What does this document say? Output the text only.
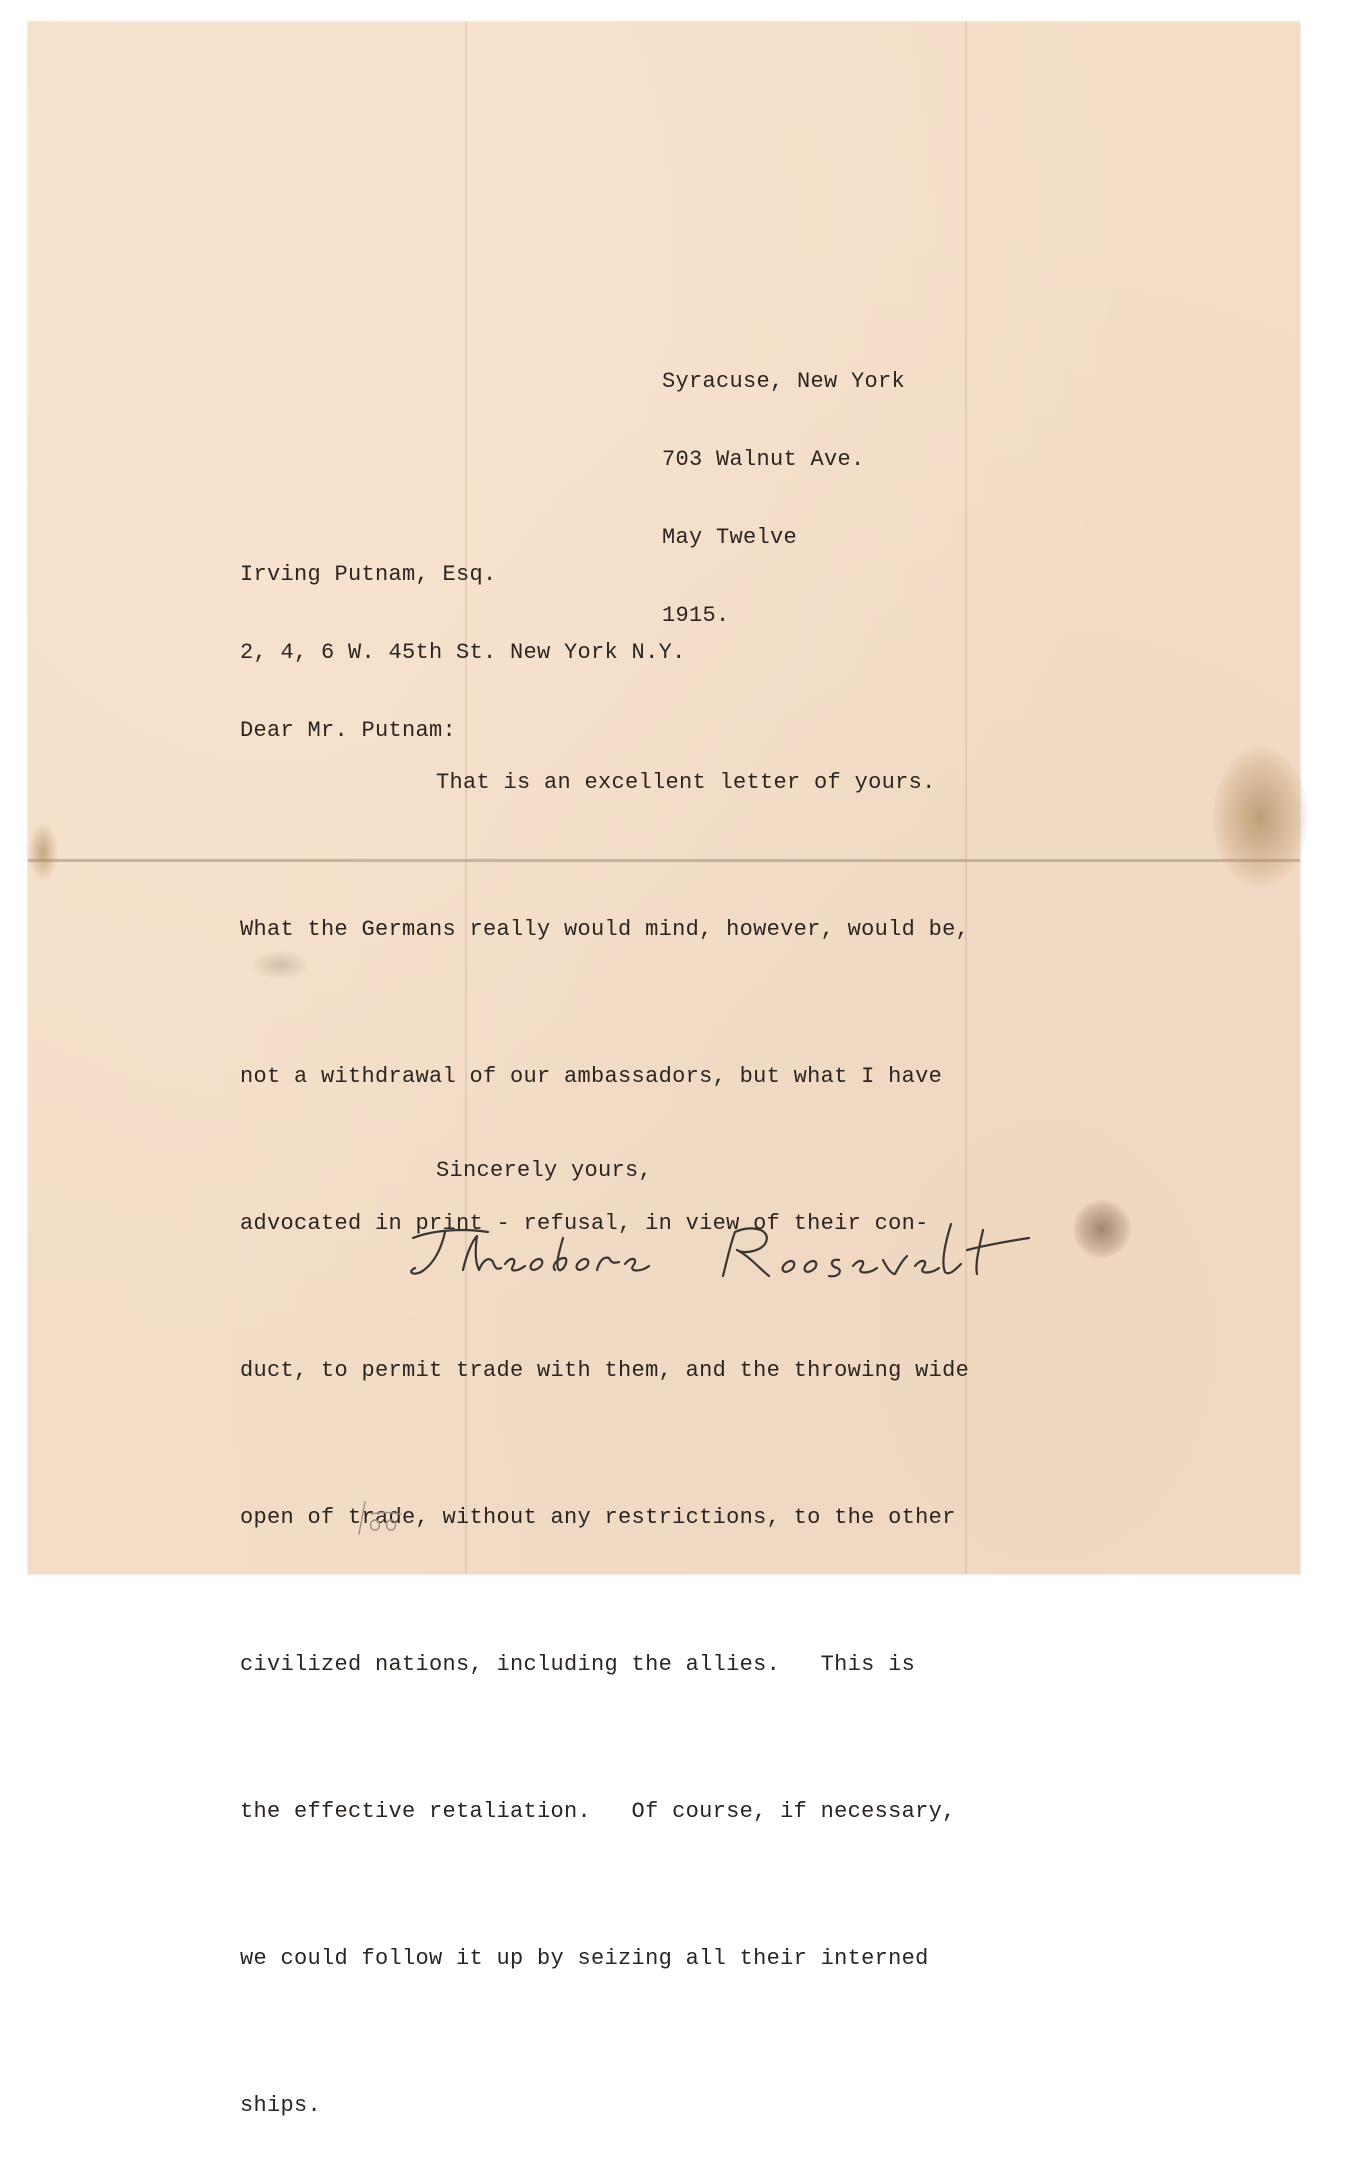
Syracuse, New York

703 Walnut Ave.

May Twelve

1915.

Irving Putnam, Esq.

2, 4, 6 W. 45th St. New York N.Y.

Dear Mr. Putnam:

That is an excellent letter of yours.

What the Germans really would mind, however, would be,

not a withdrawal of our ambassadors, but what I have

advocated in print - refusal, in view of their con-

duct, to permit trade with them, and the throwing wide

open of trade, without any restrictions, to the other

civilized nations, including the allies.   This is

the effective retaliation.   Of course, if necessary,

we could follow it up by seizing all their interned

ships.

Sincerely yours,
